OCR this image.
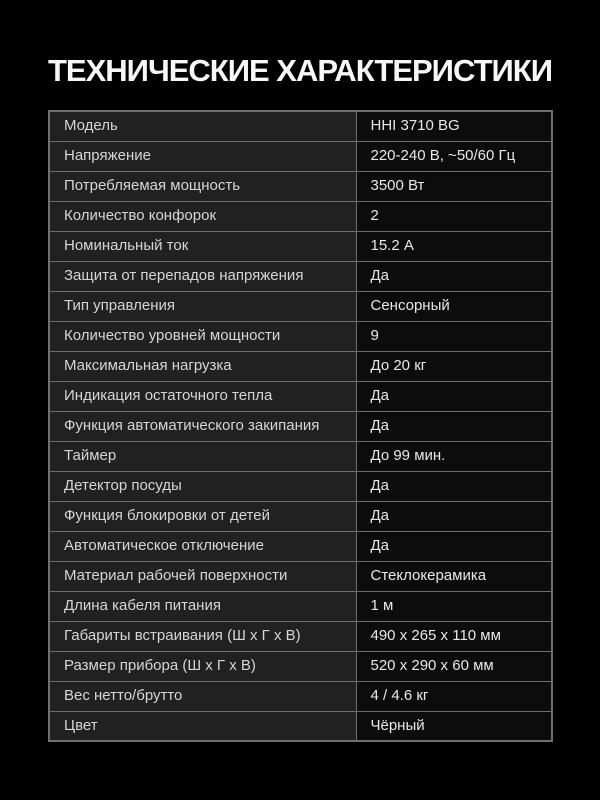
ТЕХНИЧЕСКИЕ ХАРАКТЕРИСТИКИ
Модель	HHI 3710 BG
Напряжение	220-240 В, ~50/60 Гц
Потребляемая мощность	3500 Вт
Количество конфорок	2
Номинальный ток	15.2 А
Защита от перепадов напряжения	Да
Тип управления	Сенсорный
Количество уровней мощности	9
Максимальная нагрузка	До 20 кг
Индикация остаточного тепла	Да
Функция автоматического закипания	Да
Таймер	До 99 мин.
Детектор посуды	Да
Функция блокировки от детей	Да
Автоматическое отключение	Да
Материал рабочей поверхности	Стеклокерамика
Длина кабеля питания	1 м
Габариты встраивания (Ш х Г х В)	490 х 265 х 110 мм
Размер прибора (Ш х Г х В)	520 х 290 х 60 мм
Вес нетто/брутто	4 / 4.6 кг
Цвет	Чёрный
